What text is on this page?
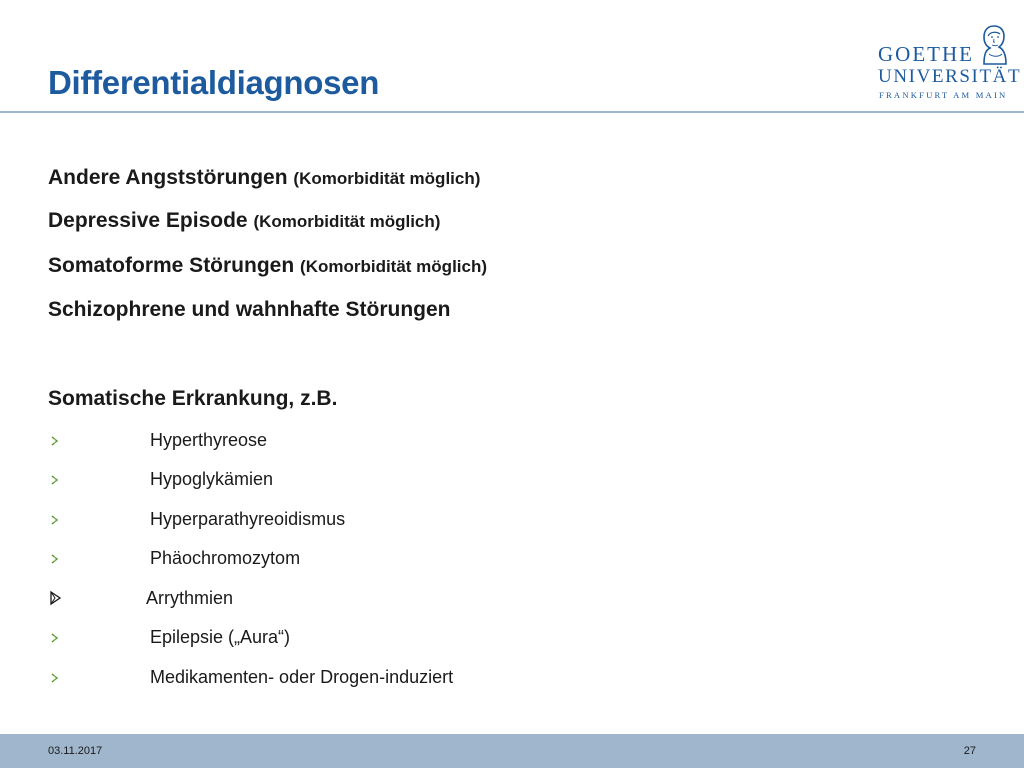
Differentialdiagnosen
GOETHE
UNIVERSITÄT
FRANKFURT AM MAIN
Andere Angststörungen (Komorbidität möglich)
Depressive Episode (Komorbidität möglich)
Somatoforme Störungen (Komorbidität möglich)
Schizophrene und wahnhafte Störungen
Somatische Erkrankung, z.B.
Hyperthyreose
Hypoglykämien
Hyperparathyreoidismus
Phäochromozytom
Arrythmien
Epilepsie („Aura“)
Medikamenten- oder Drogen-induziert
03.11.2017	27
